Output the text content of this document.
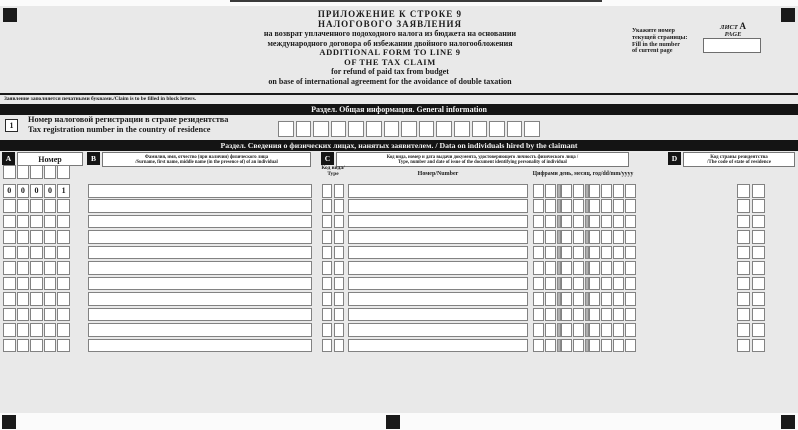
ПРИЛОЖЕНИЕ К СТРОКЕ 9
НАЛОГОВОГО ЗАЯВЛЕНИЯ
на возврат уплаченного подоходного налога из бюджета на основании
международного договора об избежании двойного налогообложения
ADDITIONAL FORM TO LINE 9
OF THE TAX CLAIM
for refund of paid tax from budget
on base of international agreement for the avoidance of double taxation
Укажите номер
текущей страницы:
Fill in the number
of current page
ЛИСТ А
PAGE
Заявление заполняется печатными буквами./Claim is to be filled in block letters.
Раздел. Общая информация. General information
1
Номер налоговой регистрации в стране резидентства
Tax registration number in the country of residence
Раздел. Сведения о физических лицах, нанятых заявителем. / Data on individuals hired by the claimant
A	Номер	B	Фамилия, имя, отчество (при наличии) физического лица
/Surname, first name, middle name (in the presence of) of an individual	C	Код вида, номер и дата выдачи документа, удостоверяющего личность физического лица /
Type, number and date of issue of the document identifying personality of individual	D	Код страны резидентства
/The code of state of residence
Код вида/
Type	Номер/Number	Цифрами день, месяц, год/dd/mm/yyyy
0	0	0	0	1
